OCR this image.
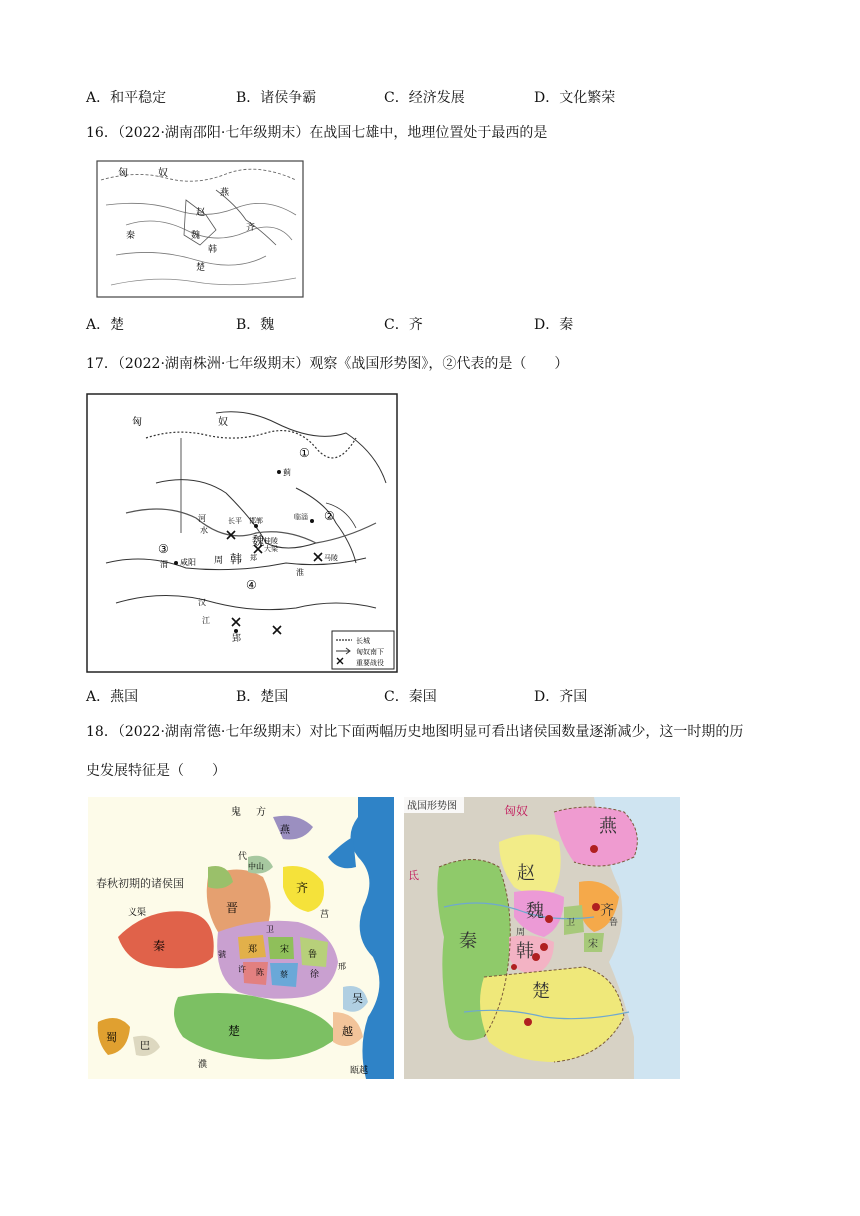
A．和平稳定	B．诸侯争霸	C．经济发展	D．文化繁荣
16．（2022·湖南邵阳·七年级期末）在战国七雄中，地理位置处于最西的是
匈	奴
燕
赵
齐
秦	魏
韩
楚
A．楚	B．魏	C．齐	D．秦
17．（2022·湖南株洲·七年级期末）观察《战国形势图》，②代表的是（　　）
长城
匈奴南下
重要战役
匈	奴
①
②
③
④
蓟
邯郸
长平	临淄
魏
韩
周
大梁
桂陵
马陵
郑
咸阳
郢
河
水
渭
汉
江
淮
A．燕国	B．楚国	C．秦国	D．齐国
18．（2022·湖南常德·七年级期末）对比下面两幅历史地图明显可看出诸侯国数量逐渐减少，这一时期的历
史发展特征是（　　）
春秋初期的诸侯国
鬼 方
燕
代
中山
齐
晋
秦
义渠
宋
郑	鲁
莒
徐
楚
吴
越
蜀
巴
濮
瓯越
卫
陈 蔡
许	邢
虢
战国形势图	匈奴
燕
赵
齐
魏
秦 韩
楚
宋
卫	鲁
周
氐
